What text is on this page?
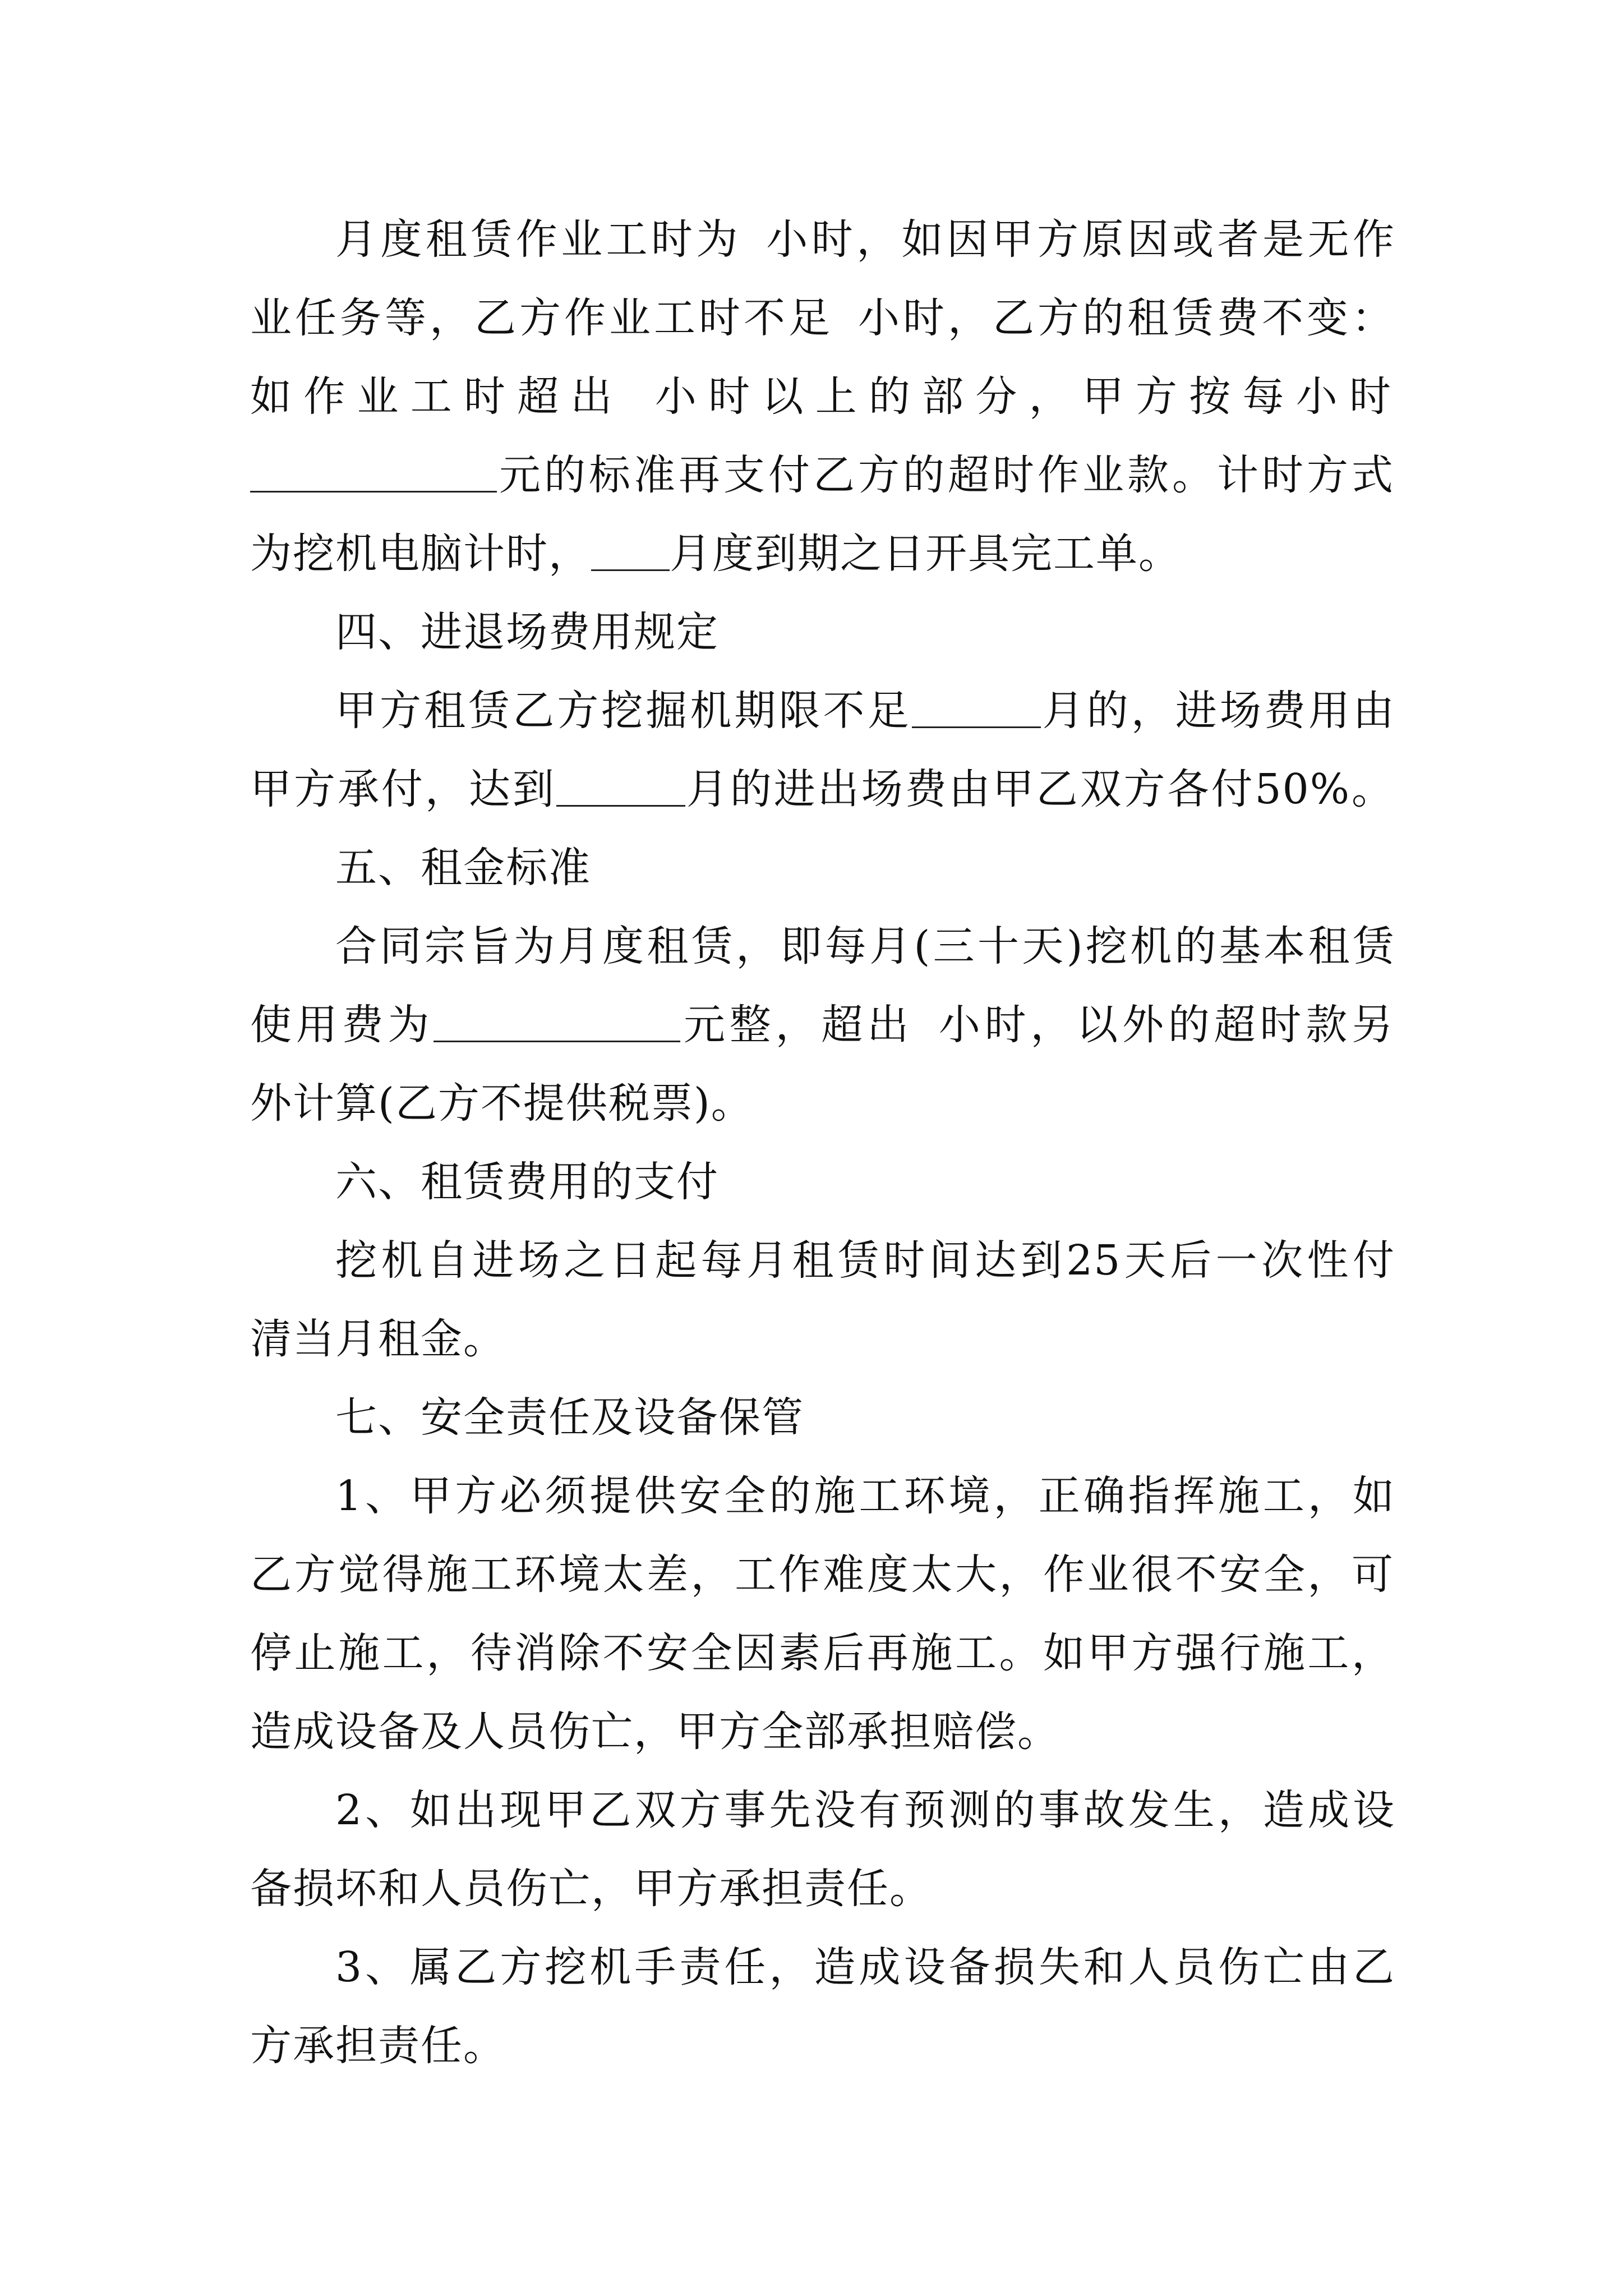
月度租赁作业工时为 小时，如因甲方原因或者是无作
业任务等，乙方作业工时不足 小时，乙方的租赁费不变：
如作业工时超出 小时以上的部分，甲方按每小时
元的标准再支付乙方的超时作业款。计时方式
为挖机电脑计时， 月度到期之日开具完工单。
四、进退场费用规定
甲方租赁乙方挖掘机期限不足	月的，进场费用由
甲方承付，达到	月的进出场费由甲乙双方各付50%。
五、租金标准
合同宗旨为月度租赁，即每月(三十天)挖机的基本租赁
使用费为	元整，超出 小时，以外的超时款另
外计算(乙方不提供税票)。
六、租赁费用的支付
挖机自进场之日起每月租赁时间达到25天后一次性付
清当月租金。
七、安全责任及设备保管
1、甲方必须提供安全的施工环境，正确指挥施工，如
乙方觉得施工环境太差，工作难度太大，作业很不安全，可
停止施工，待消除不安全因素后再施工。如甲方强行施工，
造成设备及人员伤亡，甲方全部承担赔偿。
2、如出现甲乙双方事先没有预测的事故发生，造成设
备损坏和人员伤亡，甲方承担责任。
3、属乙方挖机手责任，造成设备损失和人员伤亡由乙
方承担责任。
